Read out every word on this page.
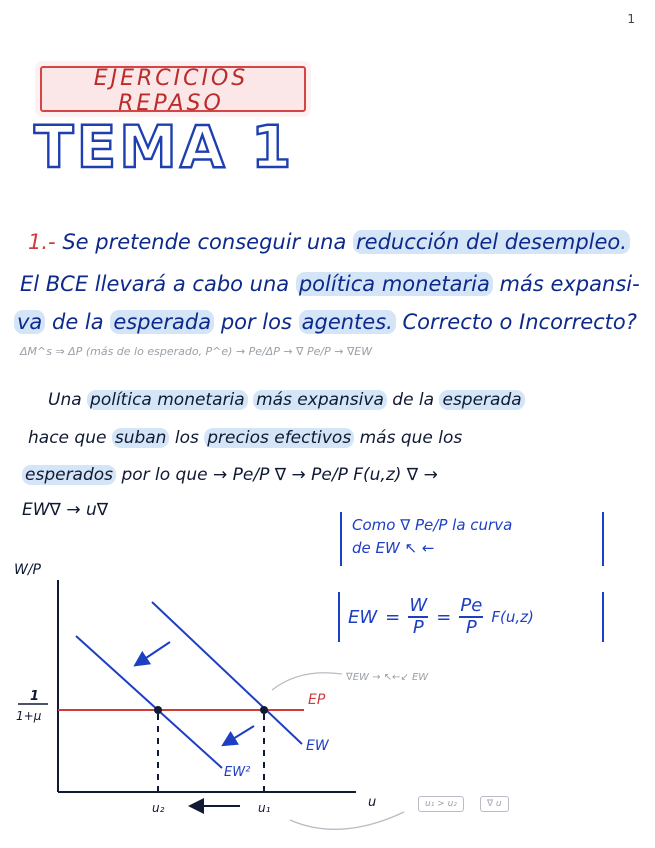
1
EJERCICIOS REPASO
TEMA 1
1.- Se pretende conseguir una reducción del desempleo.
El BCE llevará a cabo una política monetaria más expansi-
va de la esperada por los agentes. Correcto o Incorrecto?
ΔM^s ⇒ ΔP (más de lo esperado, P^e) → Pe/ΔP → ∇ Pe/P → ∇EW
Una política monetaria más expansiva de la esperada
hace que suban los precios efectivos más que los
esperados por lo que → Pe/P ∇ → Pe/P F(u,z) ∇ →
EW∇ → u∇
Como ∇ Pe/P la curva
de EW ↖ ←
EW =
W
P =
Pe
P F(u,z)
W/P
u
1
1+μ
EP
EW
EW²
u₂	u₁
∇EW → ↖←↙ EW
u₁ > u₂	∇ u
